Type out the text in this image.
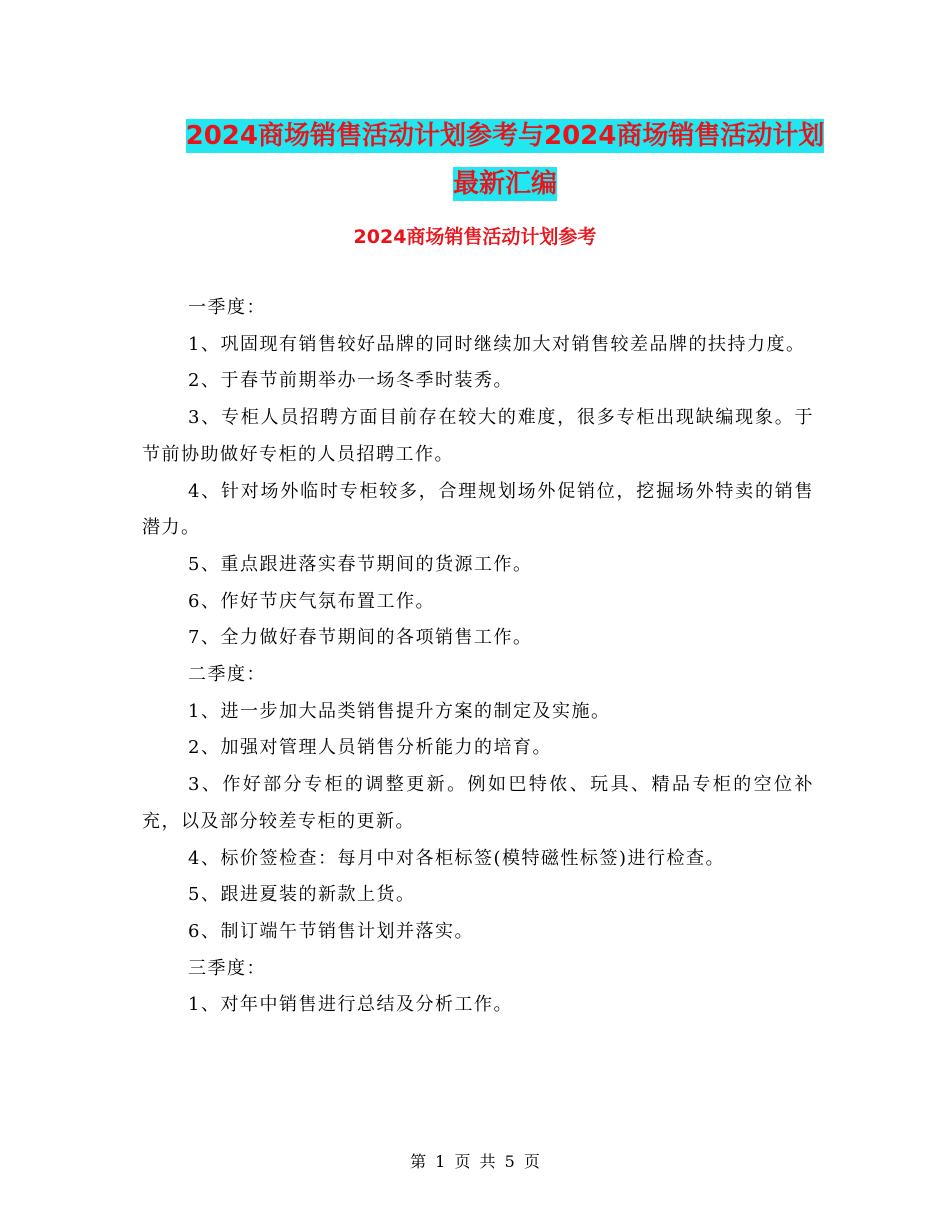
2024商场销售活动计划参考与2024商场销售活动计划
最新汇编
2024商场销售活动计划参考

一季度：

1、巩固现有销售较好品牌的同时继续加大对销售较差品牌的扶持力度。

2、于春节前期举办一场冬季时装秀。

3、专柜人员招聘方面目前存在较大的难度，很多专柜出现缺编现象。于节前协助做好专柜的人员招聘工作。

4、针对场外临时专柜较多，合理规划场外促销位，挖掘场外特卖的销售潜力。

5、重点跟进落实春节期间的货源工作。

6、作好节庆气氛布置工作。

7、全力做好春节期间的各项销售工作。

二季度：

1、进一步加大品类销售提升方案的制定及实施。

2、加强对管理人员销售分析能力的培育。

3、作好部分专柜的调整更新。例如巴特侬、玩具、精品专柜的空位补充，以及部分较差专柜的更新。

4、标价签检查：每月中对各柜标签(模特磁性标签)进行检查。

5、跟进夏装的新款上货。

6、制订端午节销售计划并落实。

三季度：

1、对年中销售进行总结及分析工作。

第 1 页 共 5 页
